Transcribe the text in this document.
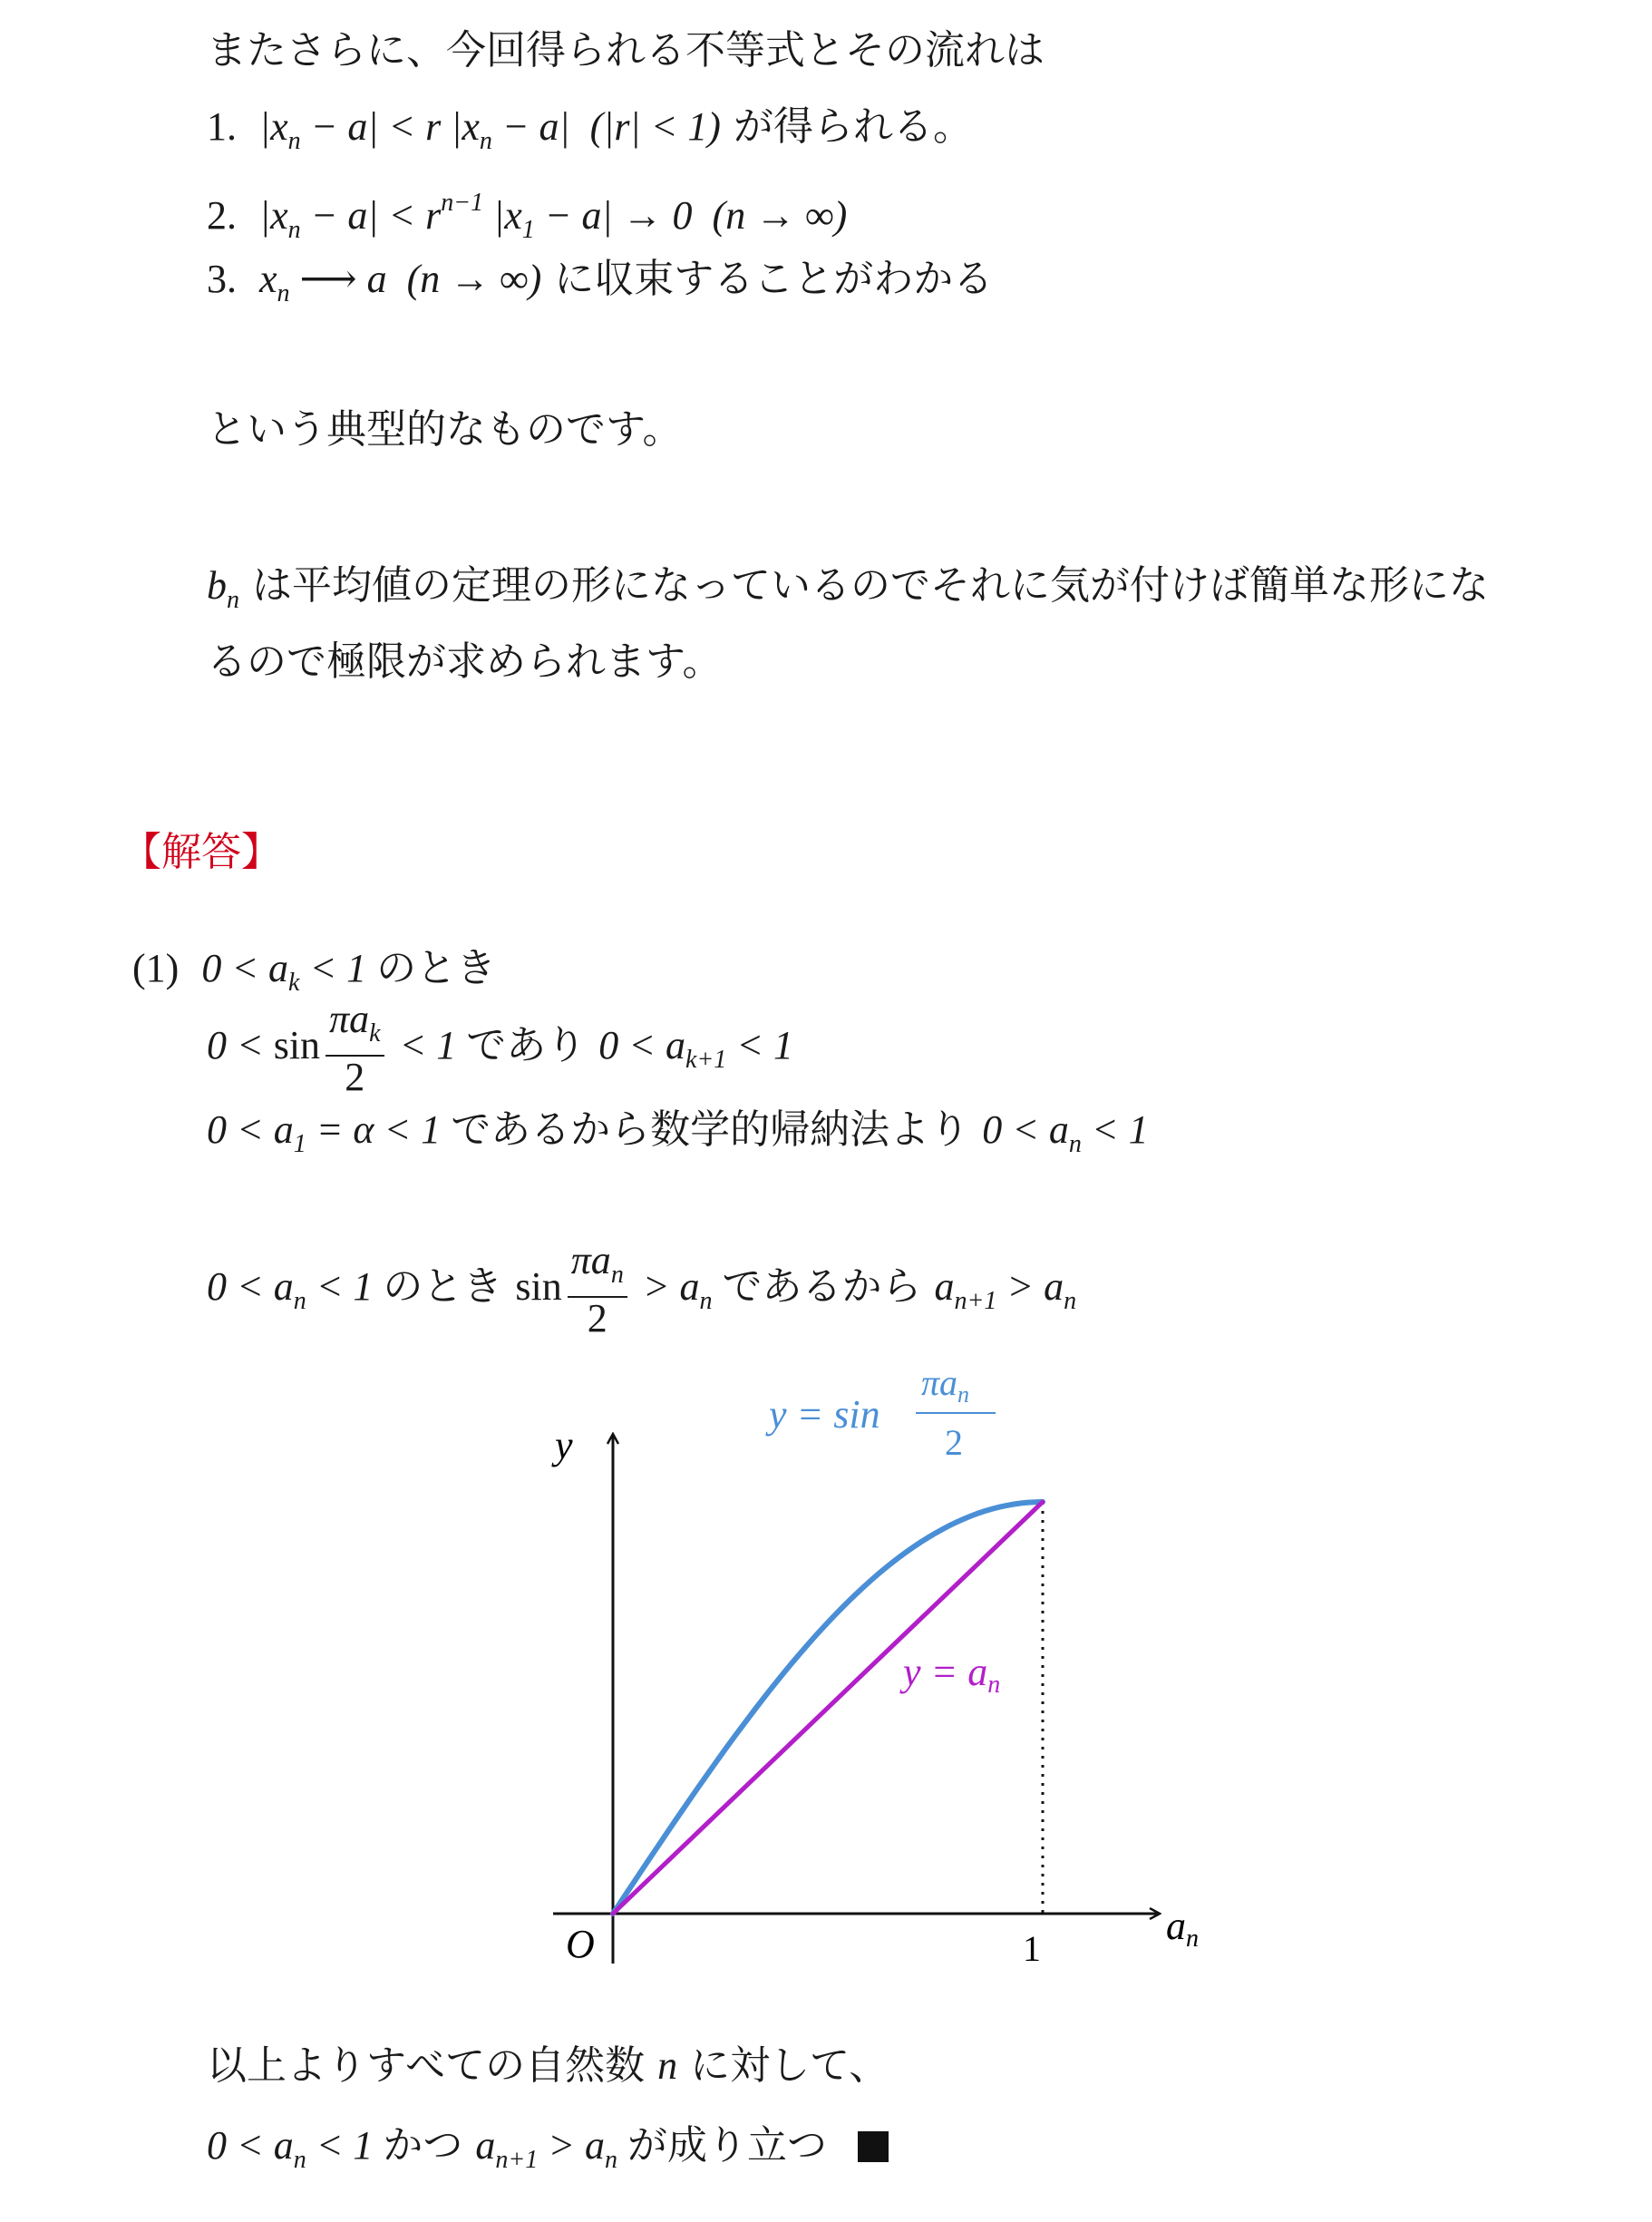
またさらに、今回得られる不等式とその流れは
1.  $|x_n - a| < r$ $|x_n - a|$  (|r| < 1) が得られる。
2.  $|x_n - a| < r^{n-1}$ $|x_1 - a| \to 0$  (n → ∞)
3.  $x_n$ ⟶ a  (n → ∞) に収束することがわかる
という典型的なものです。
$b_n$ は平均値の定理の形になっているのでそれに気が付けば簡単な形にな
るので極限が求められます。
【解答】
(1)  $0 < a_k < 1$ のとき
$0 < \sin \frac{\pi a_k}{2} < 1$ であり $0 < a_{k+1} < 1$
$0 < a_1 = \alpha < 1$ であるから数学的帰納法より $0 < a_n < 1$
$0 < a_n < 1$ のとき $\sin \frac{\pi a_n}{2} > a_n$ であるから $a_{n+1} > a_n$
y
an
O	1
y = sin
$\pi a_n$
2
y = an
以上よりすべての自然数 n に対して、
$0 < a_n < 1$ かつ $a_{n+1} > a_n$ が成り立つ
